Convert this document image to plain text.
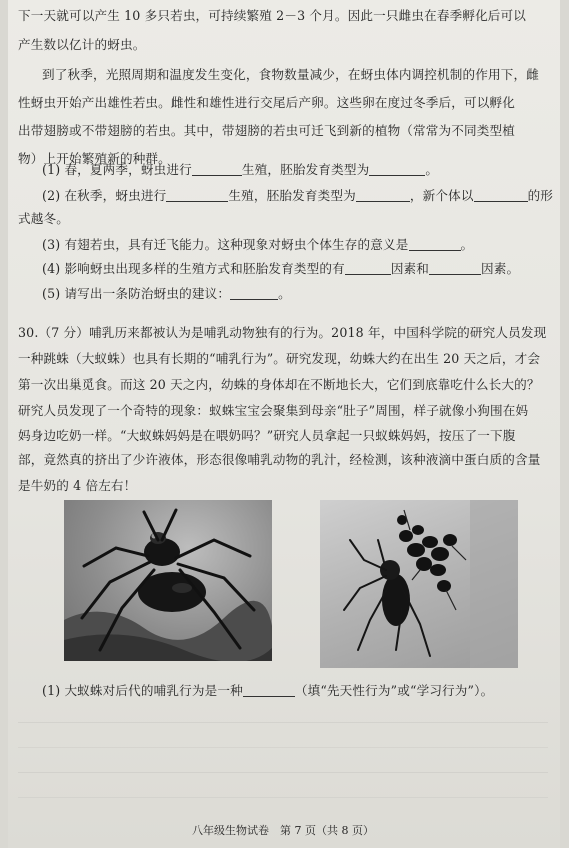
下一天就可以产生 10 多只若虫，可持续繁殖 2－3 个月。因此一只雌虫在春季孵化后可以
产生数以亿计的蚜虫。
到了秋季，光照周期和温度发生变化，食物数量减少，在蚜虫体内调控机制的作用下，雌
性蚜虫开始产出雄性若虫。雌性和雄性进行交尾后产卵。这些卵在度过冬季后，可以孵化
出带翅膀或不带翅膀的若虫。其中，带翅膀的若虫可迁飞到新的植物（常常为不同类型植
物）上开始繁殖新的种群。
(1) 春，夏两季，蚜虫进行	生殖，胚胎发育类型为	。
(2) 在秋季，蚜虫进行	生殖，胚胎发育类型为	，新个体以	的形
式越冬。
(3) 有翅若虫，具有迁飞能力。这种现象对蚜虫个体生存的意义是	。
(4) 影响蚜虫出现多样的生殖方式和胚胎发育类型的有	因素和	因素。
(5) 请写出一条防治蚜虫的建议：	。
30.（7 分）哺乳历来都被认为是哺乳动物独有的行为。2018 年，中国科学院的研究人员发现
一种跳蛛（大蚁蛛）也具有长期的“哺乳行为”。研究发现，幼蛛大约在出生 20 天之后，才会
第一次出巢觅食。而这 20 天之内，幼蛛的身体却在不断地长大，它们到底靠吃什么长大的？
研究人员发现了一个奇特的现象：蚁蛛宝宝会聚集到母亲“肚子”周围，样子就像小狗围在妈
妈身边吃奶一样。“大蚁蛛妈妈是在喂奶吗？”研究人员拿起一只蚁蛛妈妈，按压了一下腹
部，竟然真的挤出了少许液体，形态很像哺乳动物的乳汁，经检测，该种液滴中蛋白质的含量
是牛奶的 4 倍左右！
(1) 大蚁蛛对后代的哺乳行为是一种	（填“先天性行为”或“学习行为”）。
八年级生物试卷　第 7 页（共 8 页）
